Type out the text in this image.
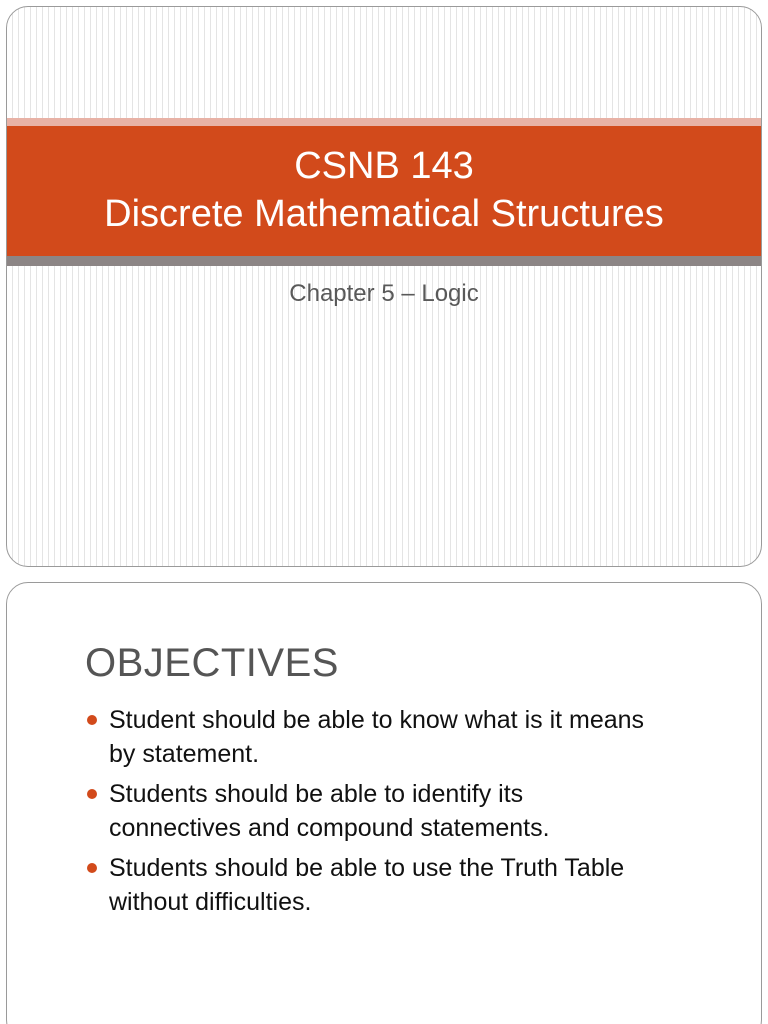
CSNB 143
Discrete Mathematical Structures
Chapter 5 – Logic
OBJECTIVES
Student should be able to know what is it means
by statement.
Students should be able to identify its
connectives and compound statements.
Students should be able to use the Truth Table
without difficulties.
